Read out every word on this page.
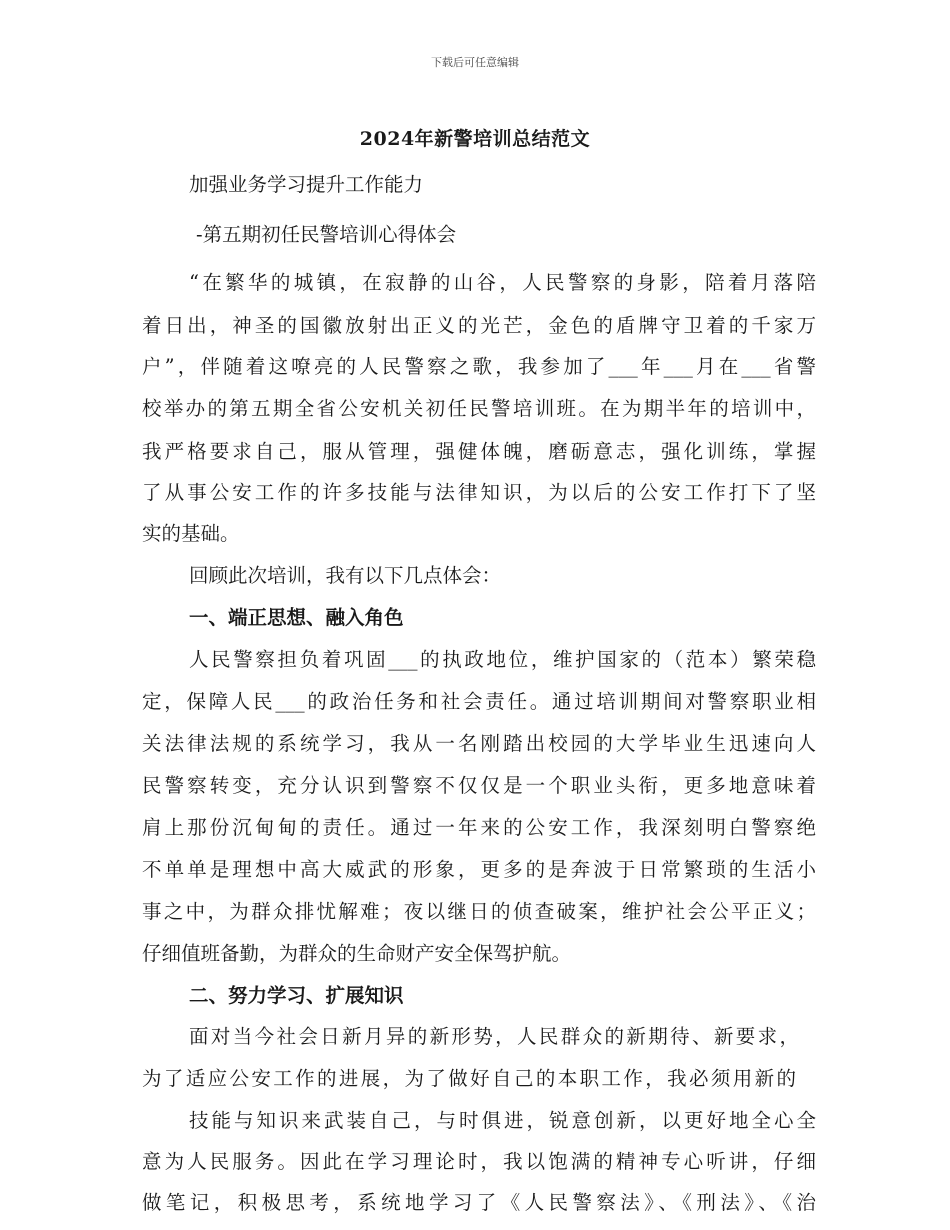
下载后可任意编辑
2024年新警培训总结范文
加强业务学习提升工作能力
-第五期初任民警培训心得体会
“在繁华的城镇，在寂静的山谷，人民警察的身影，陪着月落陪
着日出，神圣的国徽放射出正义的光芒，金色的盾牌守卫着的千家万
户”，伴随着这嘹亮的人民警察之歌，我参加了___年___月在___省警
校举办的第五期全省公安机关初任民警培训班。在为期半年的培训中，
我严格要求自己，服从管理，强健体魄，磨砺意志，强化训练，掌握
了从事公安工作的许多技能与法律知识，为以后的公安工作打下了坚
实的基础。
回顾此次培训，我有以下几点体会：
一、端正思想、融入角色
人民警察担负着巩固___的执政地位，维护国家的（范本）繁荣稳
定，保障人民___的政治任务和社会责任。通过培训期间对警察职业相
关法律法规的系统学习，我从一名刚踏出校园的大学毕业生迅速向人
民警察转变，充分认识到警察不仅仅是一个职业头衔，更多地意味着
肩上那份沉甸甸的责任。通过一年来的公安工作，我深刻明白警察绝
不单单是理想中高大威武的形象，更多的是奔波于日常繁琐的生活小
事之中，为群众排忧解难；夜以继日的侦查破案，维护社会公平正义；
仔细值班备勤，为群众的生命财产安全保驾护航。
二、努力学习、扩展知识
面对当今社会日新月异的新形势，人民群众的新期待、新要求，
为了适应公安工作的进展，为了做好自己的本职工作，我必须用新的
技能与知识来武装自己，与时俱进，锐意创新，以更好地全心全
意为人民服务。因此在学习理论时，我以饱满的精神专心听讲，仔细
做笔记，积极思考，系统地学习了《人民警察法》、《刑法》、《治
